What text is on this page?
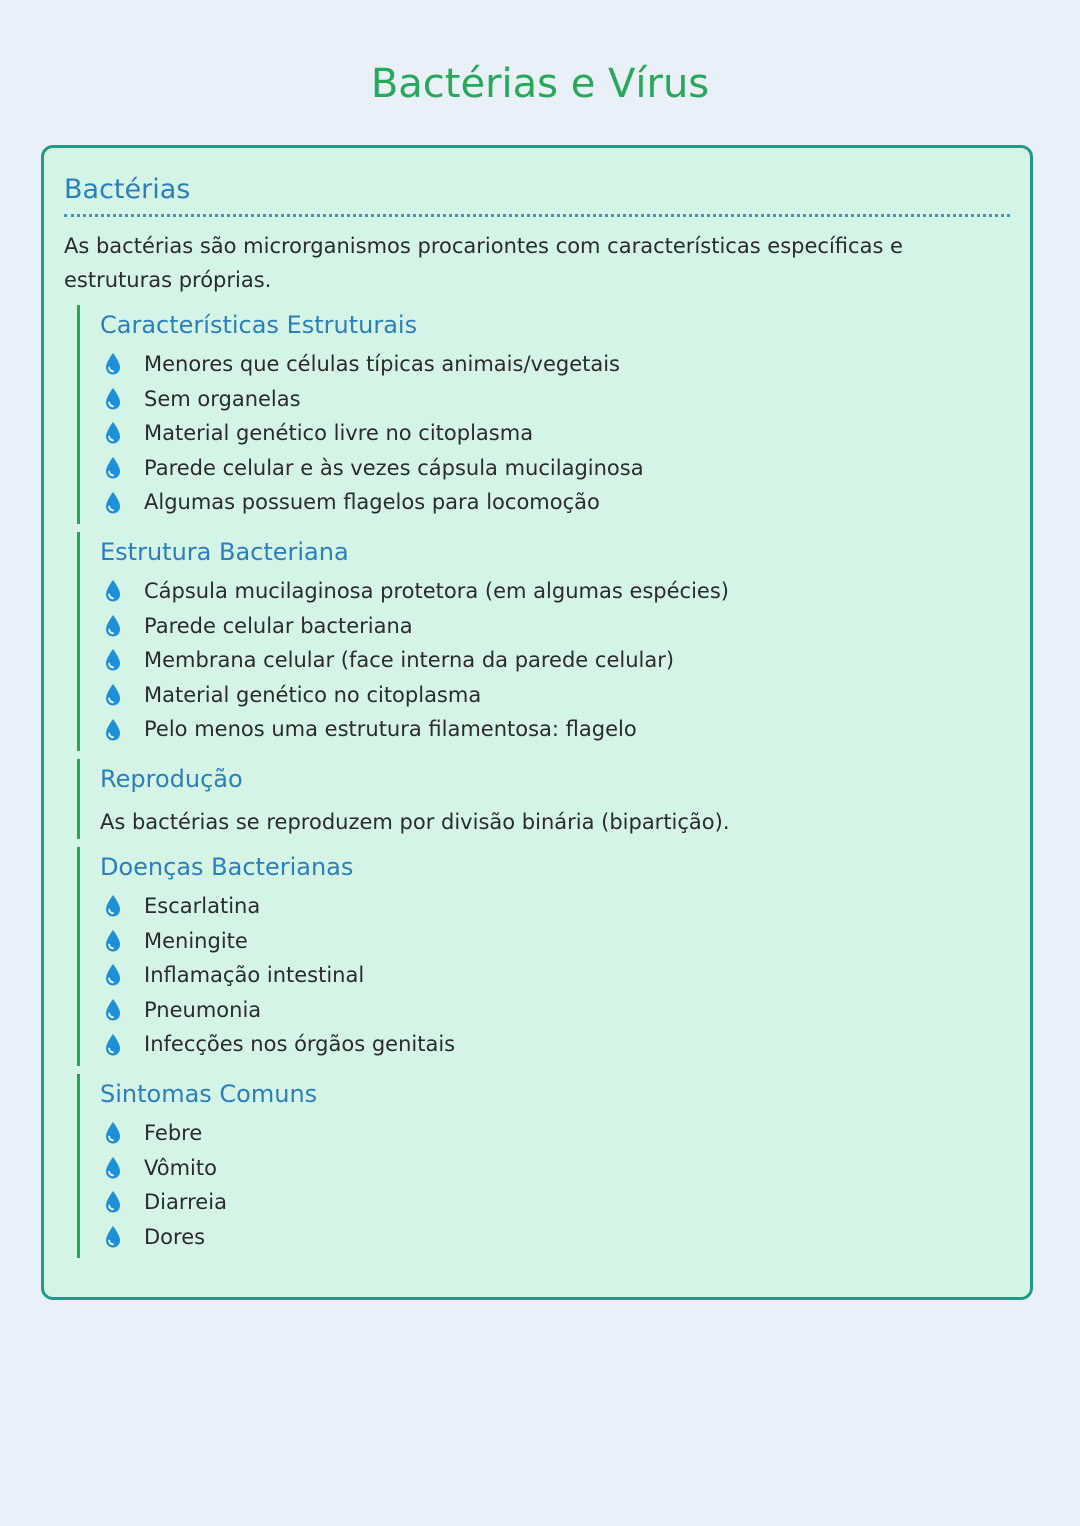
Bactérias e Vírus
Bactérias
As bactérias são microrganismos procariontes com características específicas e estruturas próprias.
Características Estruturais
Menores que células típicas animais/vegetais
Sem organelas
Material genético livre no citoplasma
Parede celular e às vezes cápsula mucilaginosa
Algumas possuem flagelos para locomoção
Estrutura Bacteriana
Cápsula mucilaginosa protetora (em algumas espécies)
Parede celular bacteriana
Membrana celular (face interna da parede celular)
Material genético no citoplasma
Pelo menos uma estrutura filamentosa: flagelo
Reprodução

As bactérias se reproduzem por divisão binária (bipartição).

Doenças Bacterianas
Escarlatina
Meningite
Inflamação intestinal
Pneumonia
Infecções nos órgãos genitais
Sintomas Comuns
Febre
Vômito
Diarreia
Dores
